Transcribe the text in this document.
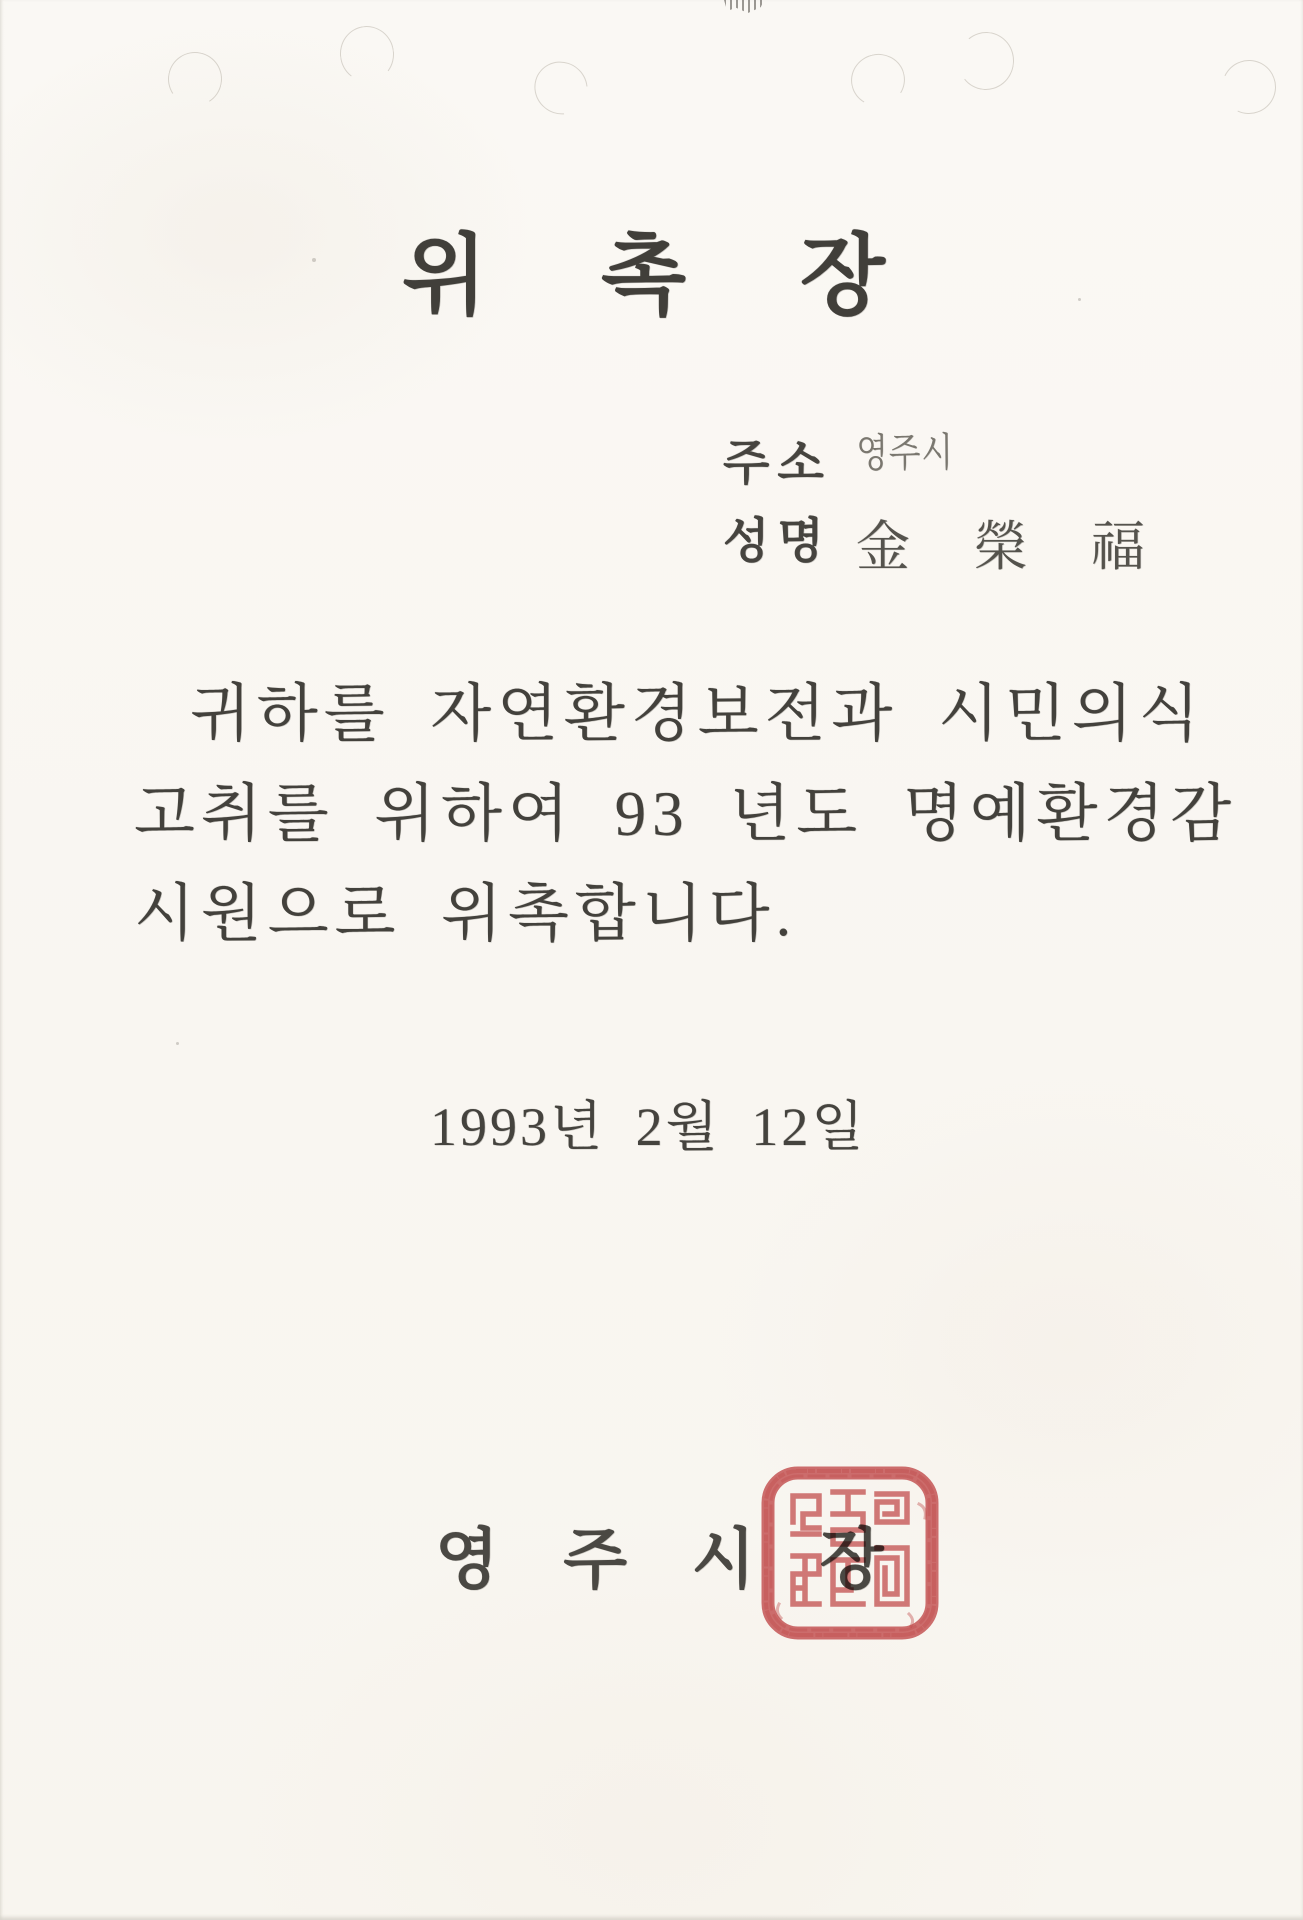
위 촉 장
주소 영주시
성명 金 榮 福
귀하를 자연환경보전과 시민의식
고취를 위하여 93 년도 명예환경감
시원으로 위촉합니다.
1993년 2월 12일
영 주 시 장
